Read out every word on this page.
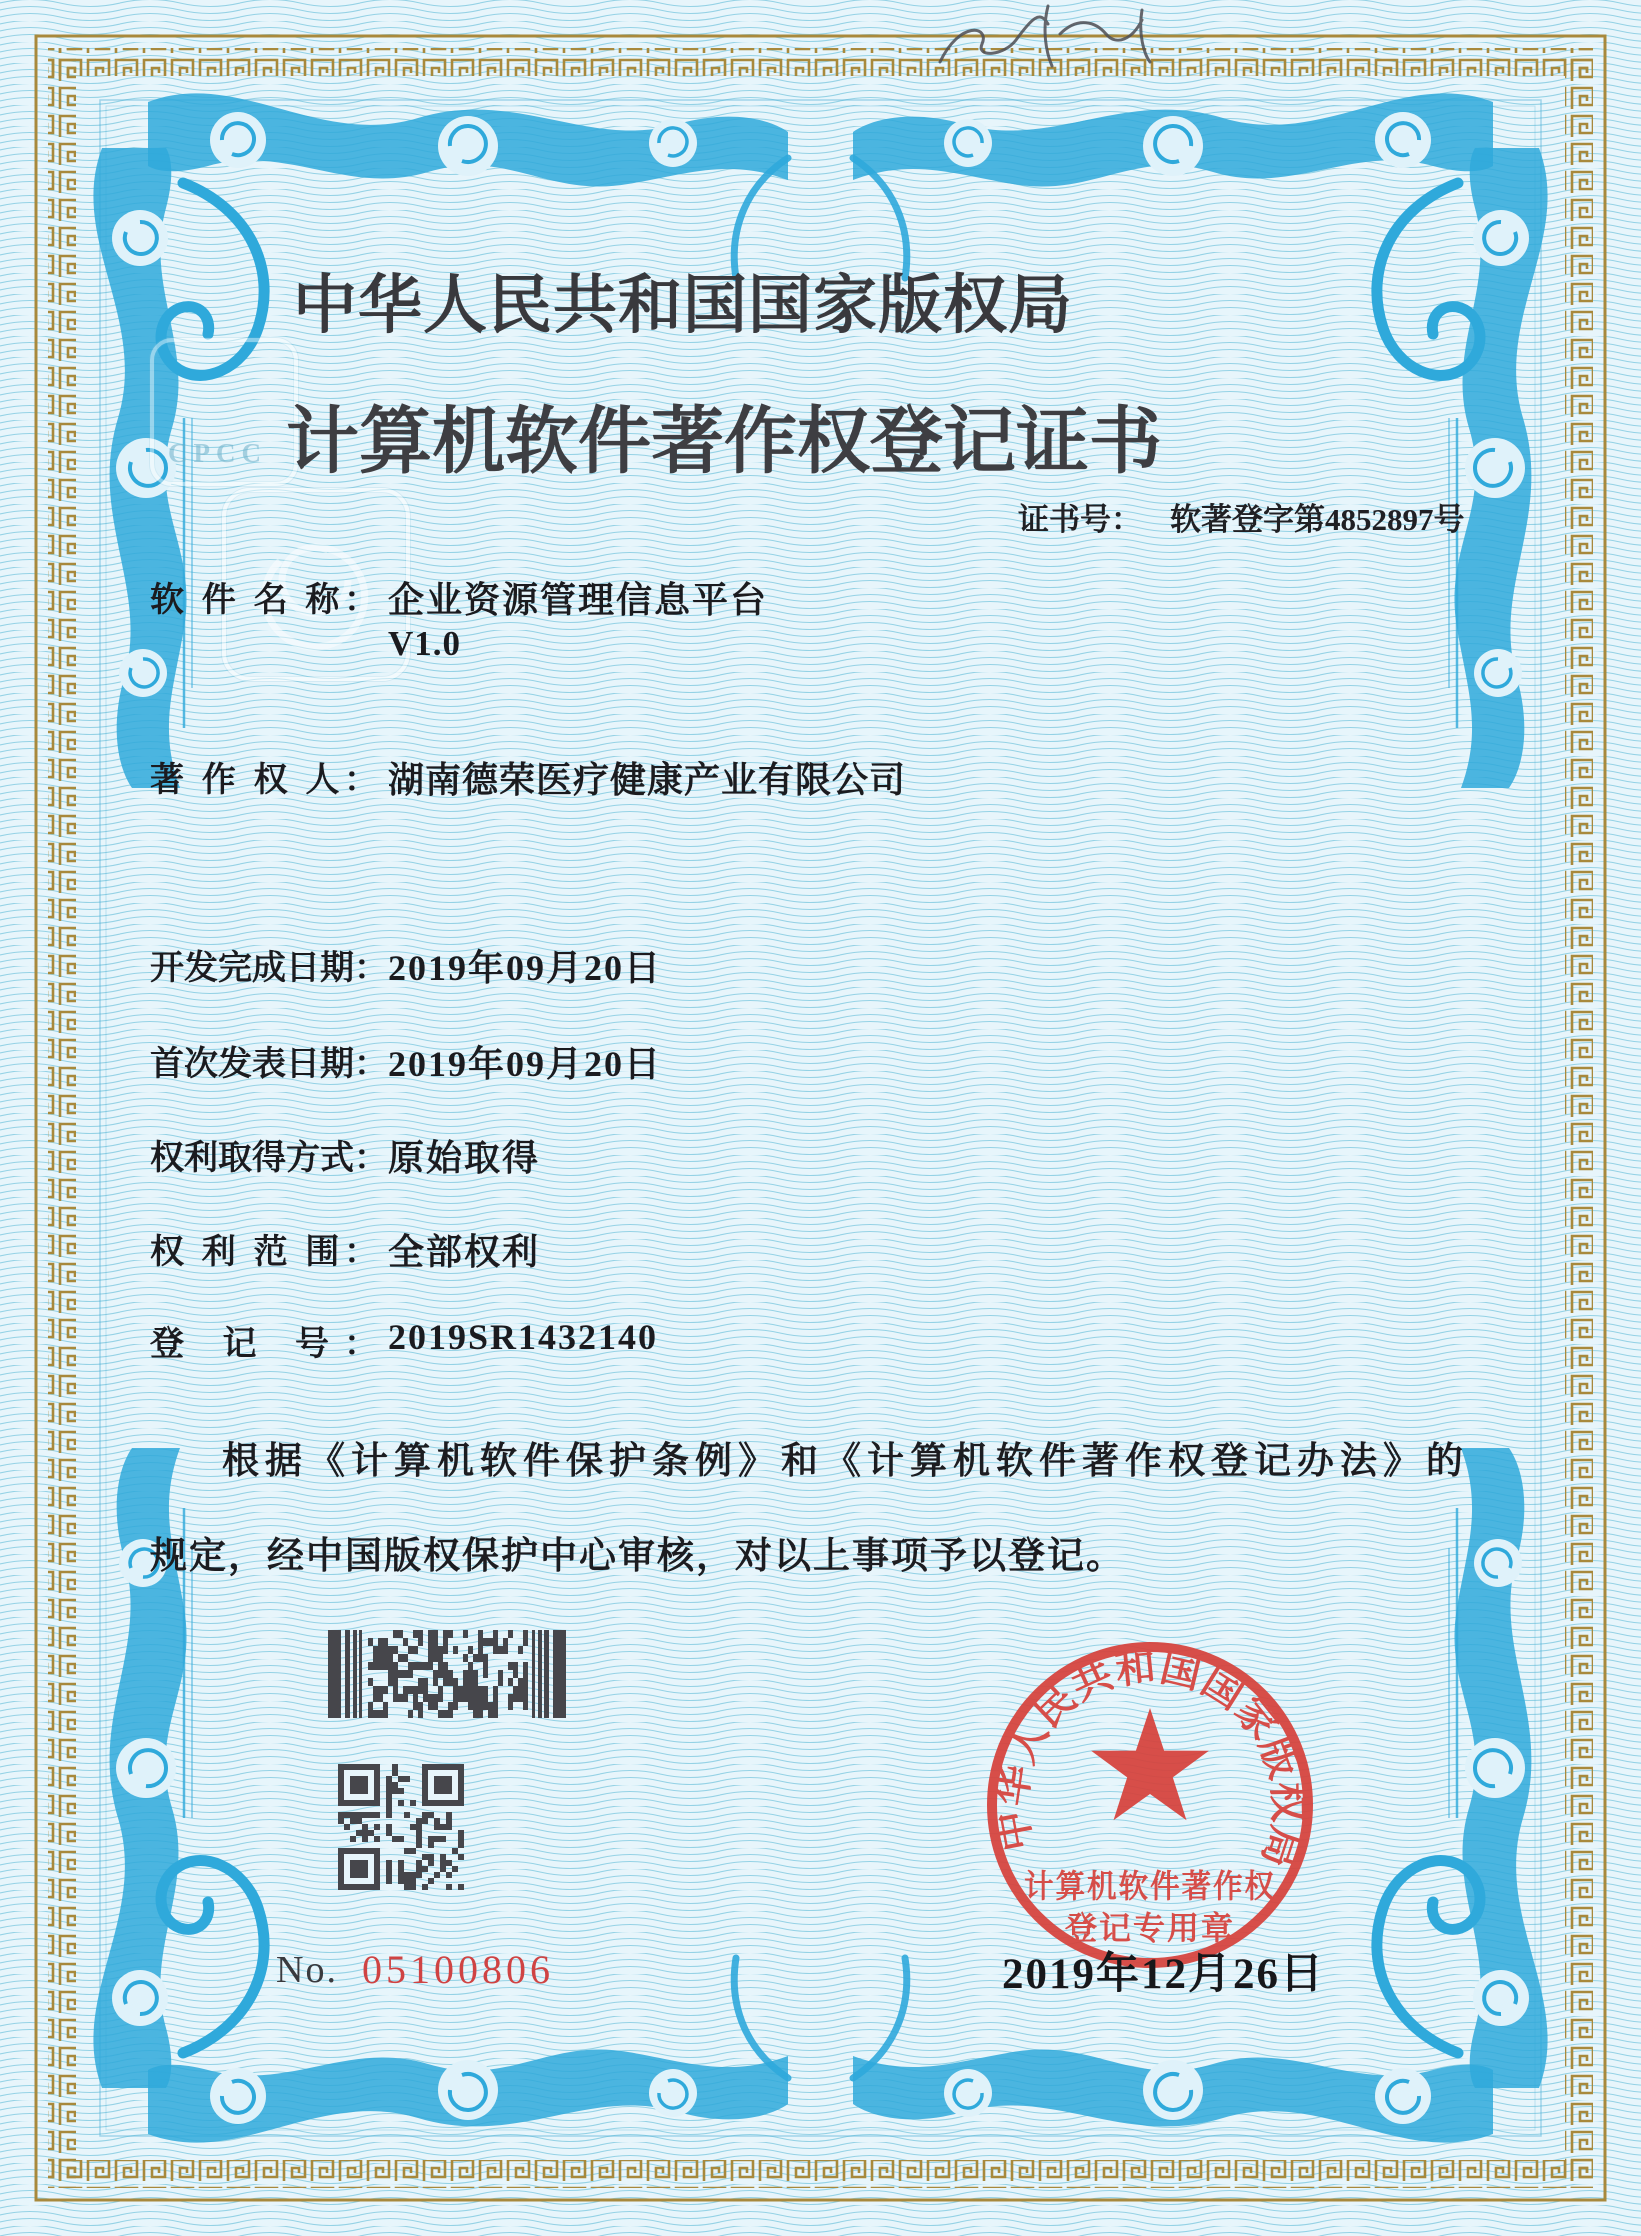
CPCC
中华人民共和国国家版权局
计算机软件著作权登记证书
证书号： 软著登字第4852897号
软 件 名 称： 企业资源管理信息平台
V1.0
著 作 权 人： 湖南德荣医疗健康产业有限公司
开发完成日期： 2019年09月20日
首次发表日期： 2019年09月20日
权利取得方式： 原始取得
权 利 范 围： 全部权利
登 记 号： 2019SR1432140
根据《计算机软件保护条例》和《计算机软件著作权登记办法》的
规定，经中国版权保护中心审核，对以上事项予以登记。
No. 05100806
中华人民共和国国家版权局
计算机软件著作权
登记专用章
2019年12月26日
